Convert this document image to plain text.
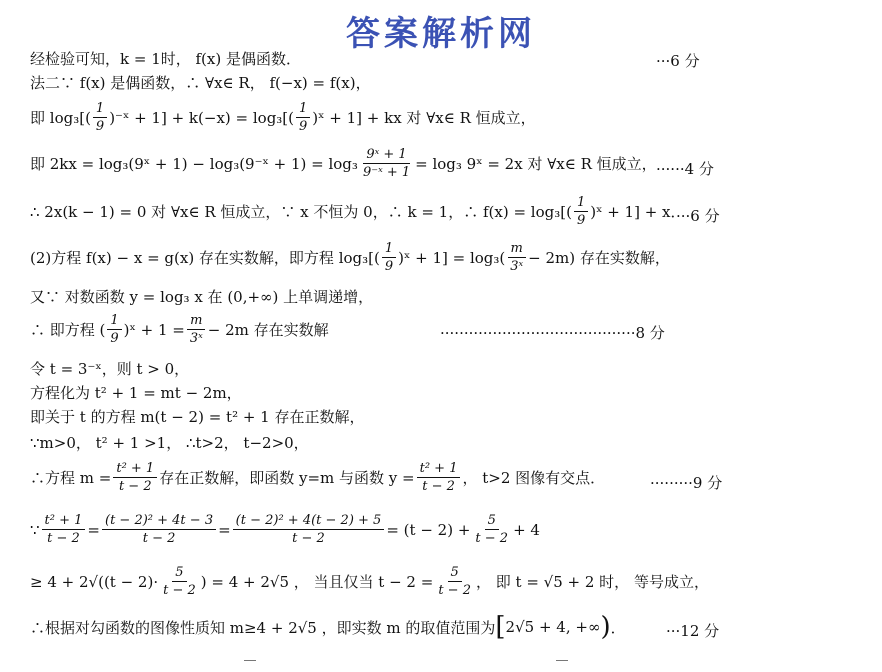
答案解析网
经检验可知，k = 1时， f(x) 是偶函数．	···6 分
法二∵ f(x) 是偶函数，∴ ∀x∈ R， f(−x) = f(x)，
即 $\log_3[( \frac{1}{9}$ )⁻ˣ + $1] + k(-x) = \log_3[( \frac{1}{9}$ )ˣ + 1] + kx 对 ∀x∈ R 恒成立，
即 2kx = log₃(9ˣ + 1) − log₃(9⁻ˣ + $1) = \log_3 \frac{\text{9ˣ + 1}}{\text{9⁻ˣ + 1}} = \log_3$ 9ˣ = 2x 对 ∀x∈ R 恒成立， ······4 分
∴ 2x(k − 1) = 0 对 ∀x∈ R 恒成立，∵ x 不恒为 0，∴ k = 1，∴ $f(x) = \log_3[( \frac{1}{9}$ )ˣ + 1] + x．
···6 分
(2)方程 f(x) − x = g(x) 存在实数解，即方程 $\log_3[( \frac{1}{9}$ )ˣ + $1] = \log_3( \frac{m}{\text{3ˣ}} - 2m)$ 存在实数解，
又∵ 对数函数 y = log₃ x 在 (0,+∞) 上单调递增，
∴ 即方程 ( $\frac{1}{9}$ )ˣ + $1 = \frac{m}{\text{3ˣ}} - 2m$ 存在实数解	·········································8 分
令 t = 3⁻ˣ，则 t > 0，
方程化为 t² + 1 = mt − 2m，
即关于 t 的方程 m(t − 2) = t² + 1 存在正数解，
∵m>0， t² + 1 >1， ∴t>2， t−2>0，
∴方程 $m = \frac{\text{t² + 1}}{t - 2}$ 存在正数解，即函数 y=m 与函数 $y = \frac{\text{t² + 1}}{t - 2}$ ， t>2 图像有交点．	·········9 分
∵ $\frac{\text{t² + 1}}{t - 2} = \frac{\text{(t − 2)² + 4t − 3}}{t - 2} = \frac{\text{(t − 2)² + 4(t − 2) + 5}}{t - 2} = (t - 2) + \frac{5}{t - 2} + 4$
≥ $4 + 2√((t - 2)\cdot \frac{5}{t - 2}$ ) = 4 + 2√5 ， 当且仅当 $t - 2 = \frac{5}{t - 2}$ ， 即 t = √5 + 2 时， 等号成立，
∴根据对勾函数的图像性质知 m≥4 + 2√5 ，即实数 m 的取值范围为 [ 2√5 + 4, +∞ ) ．	···12 分
